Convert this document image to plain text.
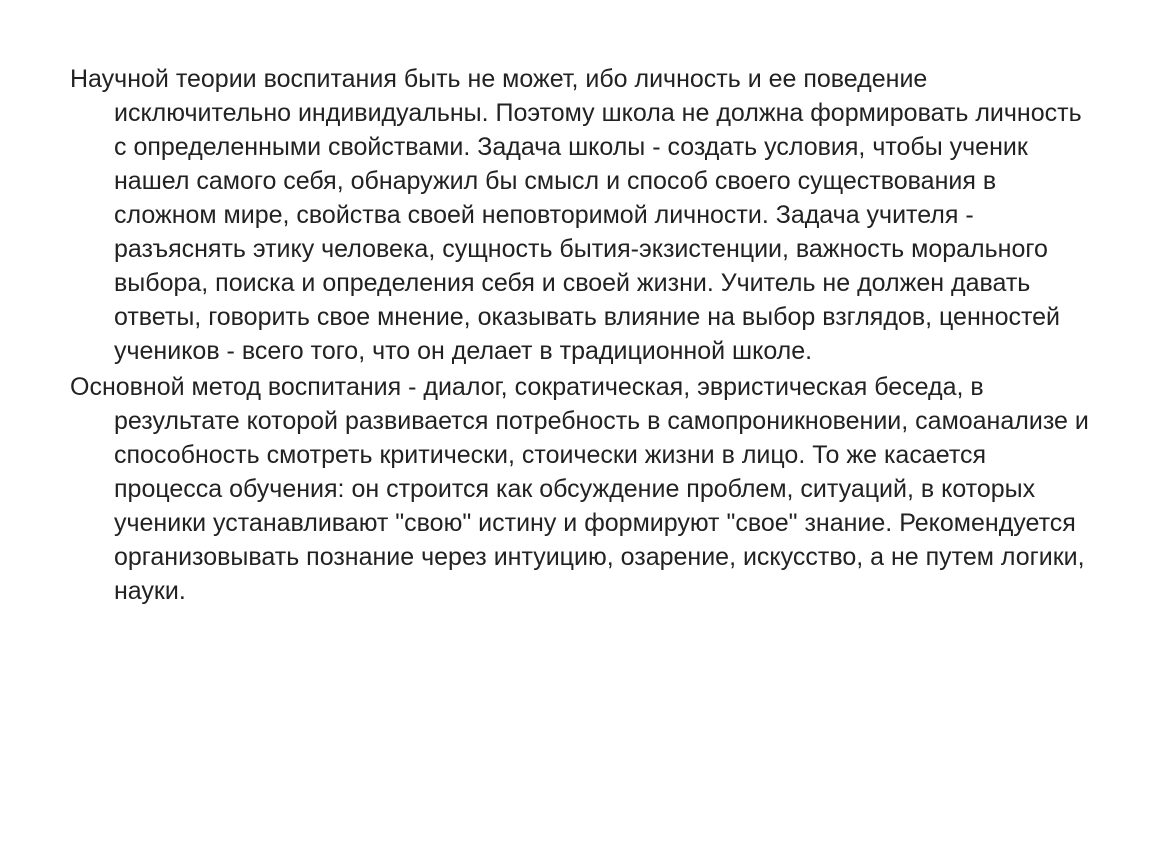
Научной теории воспитания быть не может, ибо личность и ее поведение исключительно индивидуальны. Поэтому школа не должна формировать личность с определенными свойствами. Задача школы - создать условия, чтобы ученик нашел самого себя, обнаружил бы смысл и способ своего существования в сложном мире, свойства своей неповторимой личности. Задача учителя - разъяснять этику человека, сущность бытия-экзистенции, важность морального выбора, поиска и определения себя и своей жизни. Учитель не должен давать ответы, говорить свое мнение, оказывать влияние на выбор взглядов, ценностей учеников - всего того, что он делает в традиционной школе.

Основной метод воспитания - диалог, сократическая, эвристическая беседа, в результате которой развивается потребность в самопроникновении, самоанализе и способность смотреть критически, стоически жизни в лицо. То же касается процесса обучения: он строится как обсуждение проблем, ситуаций, в которых ученики устанавливают "свою" истину и формируют "свое" знание. Рекомендуется организовывать познание через интуицию, озарение, искусство, а не путем логики, науки.
